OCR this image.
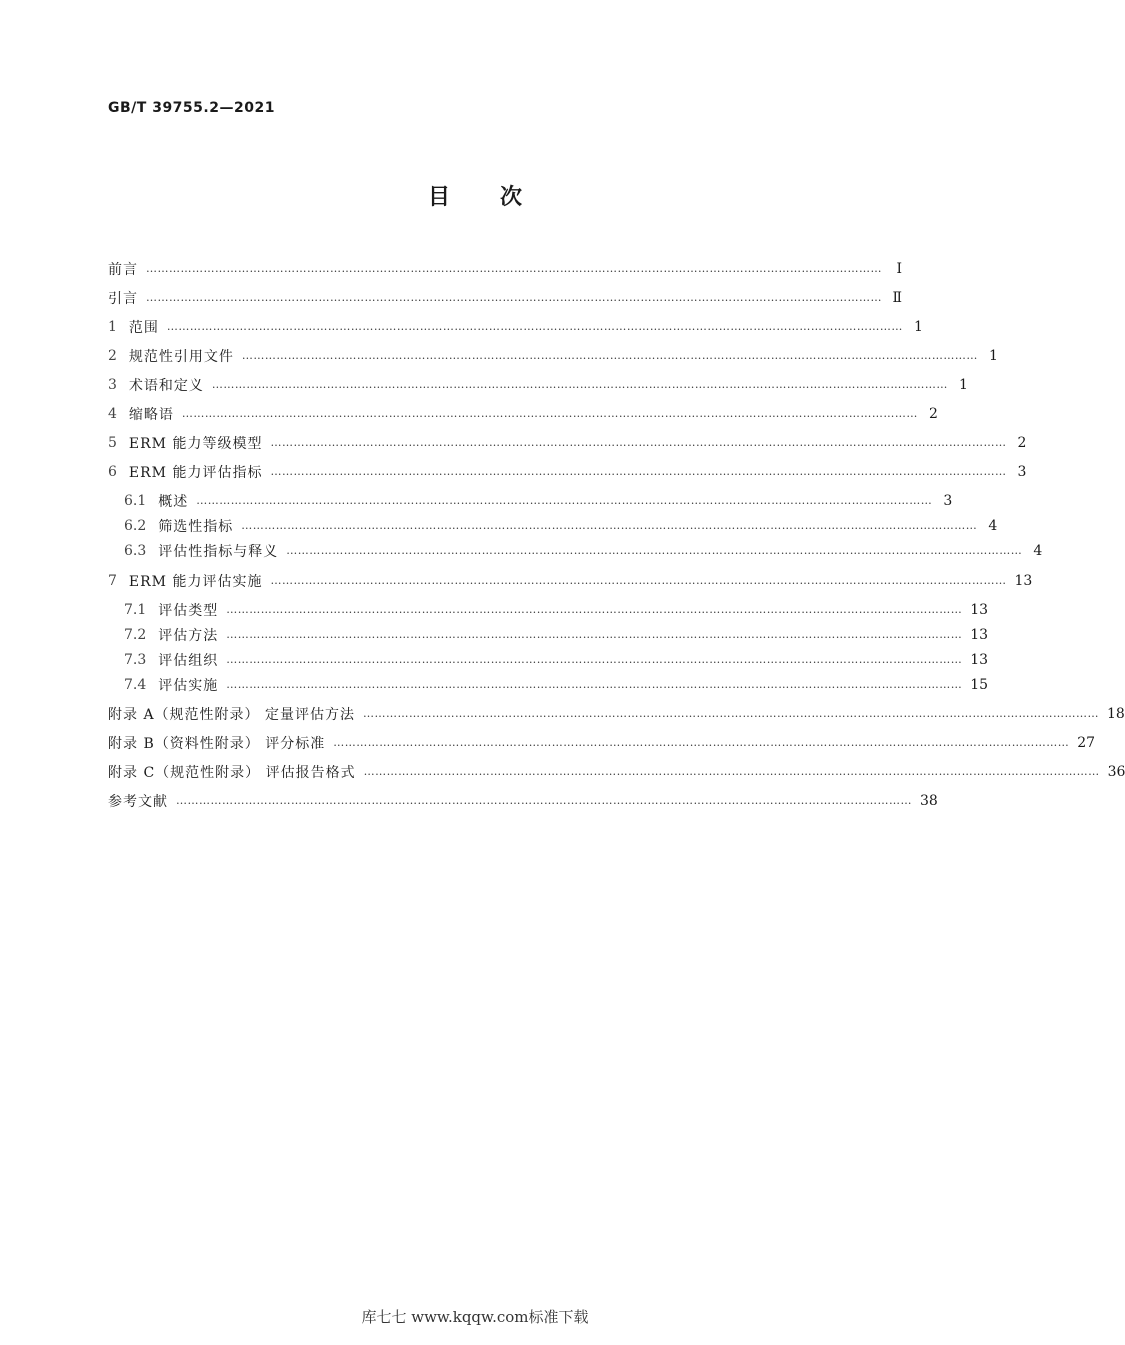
GB/T 39755.2—2021
目 次
前言 …………………………………………………………………………………………………………………………………………………………………………	Ⅰ
引言 ………………………………………………………………………………………………………………………………………………………………………… Ⅱ
1 范围 ………………………………………………………………………………………………………………………………………………………………………… 1
2 规范性引用文件 ………………………………………………………………………………………………………………………………………………………………………… 1
3 术语和定义 ………………………………………………………………………………………………………………………………………………………………………… 1
4 缩略语 ………………………………………………………………………………………………………………………………………………………………………… 2
5 ERM 能力等级模型 ………………………………………………………………………………………………………………………………………………………………………… 2
6 ERM 能力评估指标 ………………………………………………………………………………………………………………………………………………………………………… 3
6.1 概述 ………………………………………………………………………………………………………………………………………………………………………… 3
6.2 筛选性指标 ………………………………………………………………………………………………………………………………………………………………………… 4
6.3 评估性指标与释义 ………………………………………………………………………………………………………………………………………………………………………… 4
7 ERM 能力评估实施 ………………………………………………………………………………………………………………………………………………………………………… 13
7.1 评估类型 ………………………………………………………………………………………………………………………………………………………………………… 13
7.2 评估方法 ………………………………………………………………………………………………………………………………………………………………………… 13
7.3 评估组织 ………………………………………………………………………………………………………………………………………………………………………… 13
7.4 评估实施 ………………………………………………………………………………………………………………………………………………………………………… 15
附录 A（规范性附录） 定量评估方法 ………………………………………………………………………………………………………………………………………………………………………… 18
附录 B（资料性附录） 评分标准 ………………………………………………………………………………………………………………………………………………………………………… 27
附录 C（规范性附录） 评估报告格式 ………………………………………………………………………………………………………………………………………………………………………… 36
参考文献 ………………………………………………………………………………………………………………………………………………………………………… 38
库七七 www.kqqw.com标准下载
